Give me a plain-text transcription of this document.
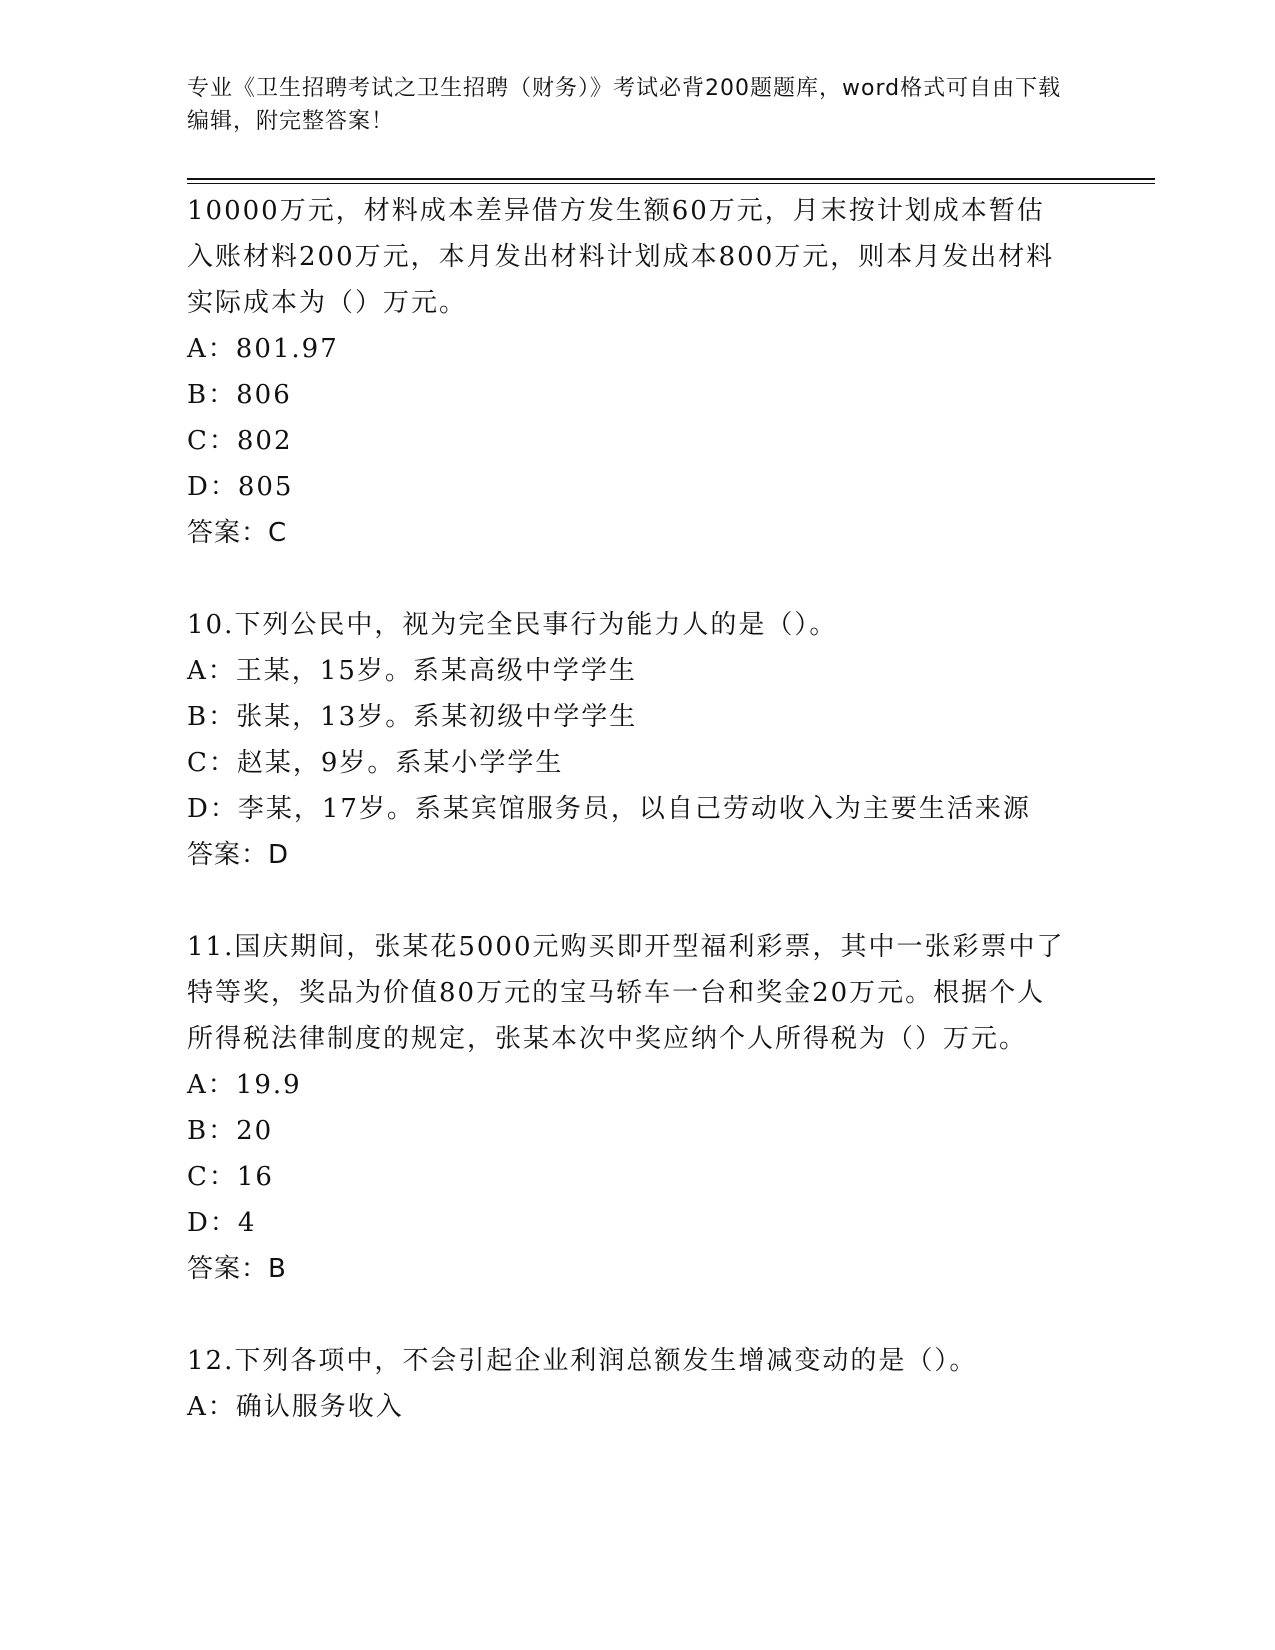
专业《卫生招聘考试之卫生招聘（财务）》考试必背200题题库，word格式可自由下载编辑，附完整答案！
10000万元，材料成本差异借方发生额60万元，月末按计划成本暂估入账材料200万元，本月发出材料计划成本800万元，则本月发出材料实际成本为（）万元。
A：801.97
B：806
C：802
D：805
答案：C
10.下列公民中，视为完全民事行为能力人的是（）。
A：王某，15岁。系某高级中学学生
B：张某，13岁。系某初级中学学生
C：赵某，9岁。系某小学学生
D：李某，17岁。系某宾馆服务员，以自己劳动收入为主要生活来源
答案：D
11.国庆期间，张某花5000元购买即开型福利彩票，其中一张彩票中了特等奖，奖品为价值80万元的宝马轿车一台和奖金20万元。根据个人所得税法律制度的规定，张某本次中奖应纳个人所得税为（）万元。
A：19.9
B：20
C：16
D：4
答案：B
12.下列各项中，不会引起企业利润总额发生增减变动的是（）。
A：确认服务收入
